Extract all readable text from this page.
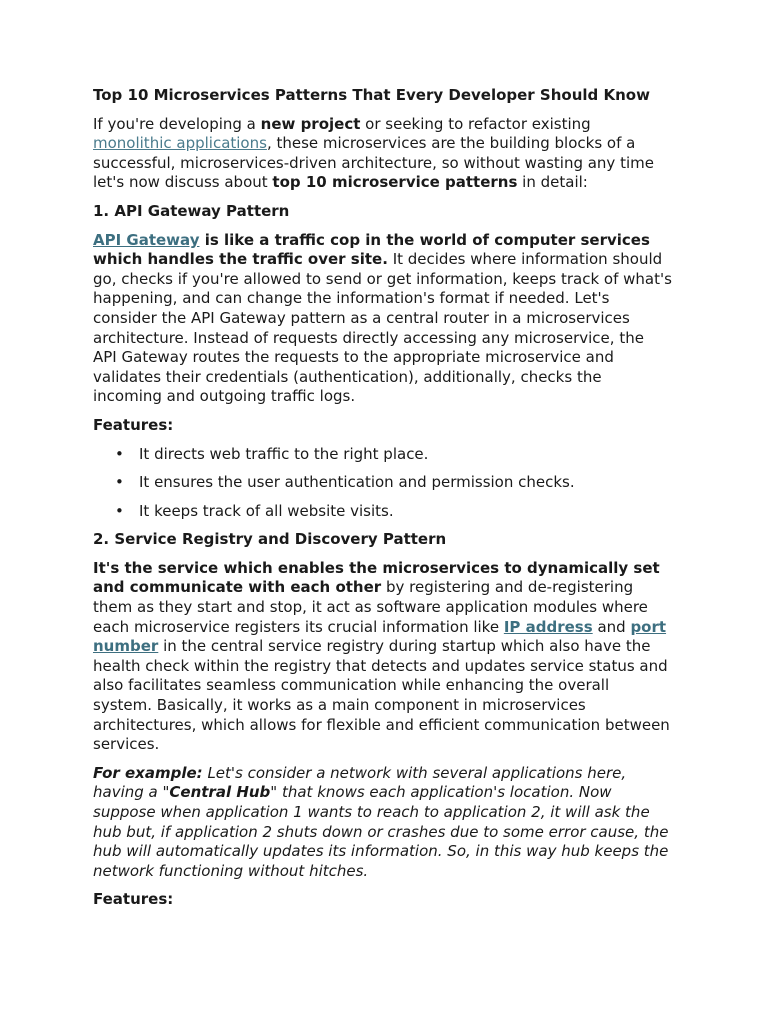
Top 10 Microservices Patterns That Every Developer Should Know

If you're developing a new project or seeking to refactor existing monolithic applications, these microservices are the building blocks of a successful, microservices-driven architecture, so without wasting any time let's now discuss about top 10 microservice patterns in detail:

1. API Gateway Pattern

API Gateway is like a traffic cop in the world of computer services which handles the traffic over site. It decides where information should go, checks if you're allowed to send or get information, keeps track of what's happening, and can change the information's format if needed. Let's consider the API Gateway pattern as a central router in a microservices architecture. Instead of requests directly accessing any microservice, the API Gateway routes the requests to the appropriate microservice and validates their credentials (authentication), additionally, checks the incoming and outgoing traffic logs.

Features:

• It directs web traffic to the right place.
• It ensures the user authentication and permission checks.
• It keeps track of all website visits.

2. Service Registry and Discovery Pattern

It's the service which enables the microservices to dynamically set and communicate with each other by registering and de-registering them as they start and stop, it act as software application modules where each microservice registers its crucial information like IP address and port number in the central service registry during startup which also have the health check within the registry that detects and updates service status and also facilitates seamless communication while enhancing the overall system. Basically, it works as a main component in microservices architectures, which allows for flexible and efficient communication between services.

For example: Let's consider a network with several applications here, having a "Central Hub" that knows each application's location. Now suppose when application 1 wants to reach to application 2, it will ask the hub but, if application 2 shuts down or crashes due to some error cause, the hub will automatically updates its information. So, in this way hub keeps the network functioning without hitches.

Features:
